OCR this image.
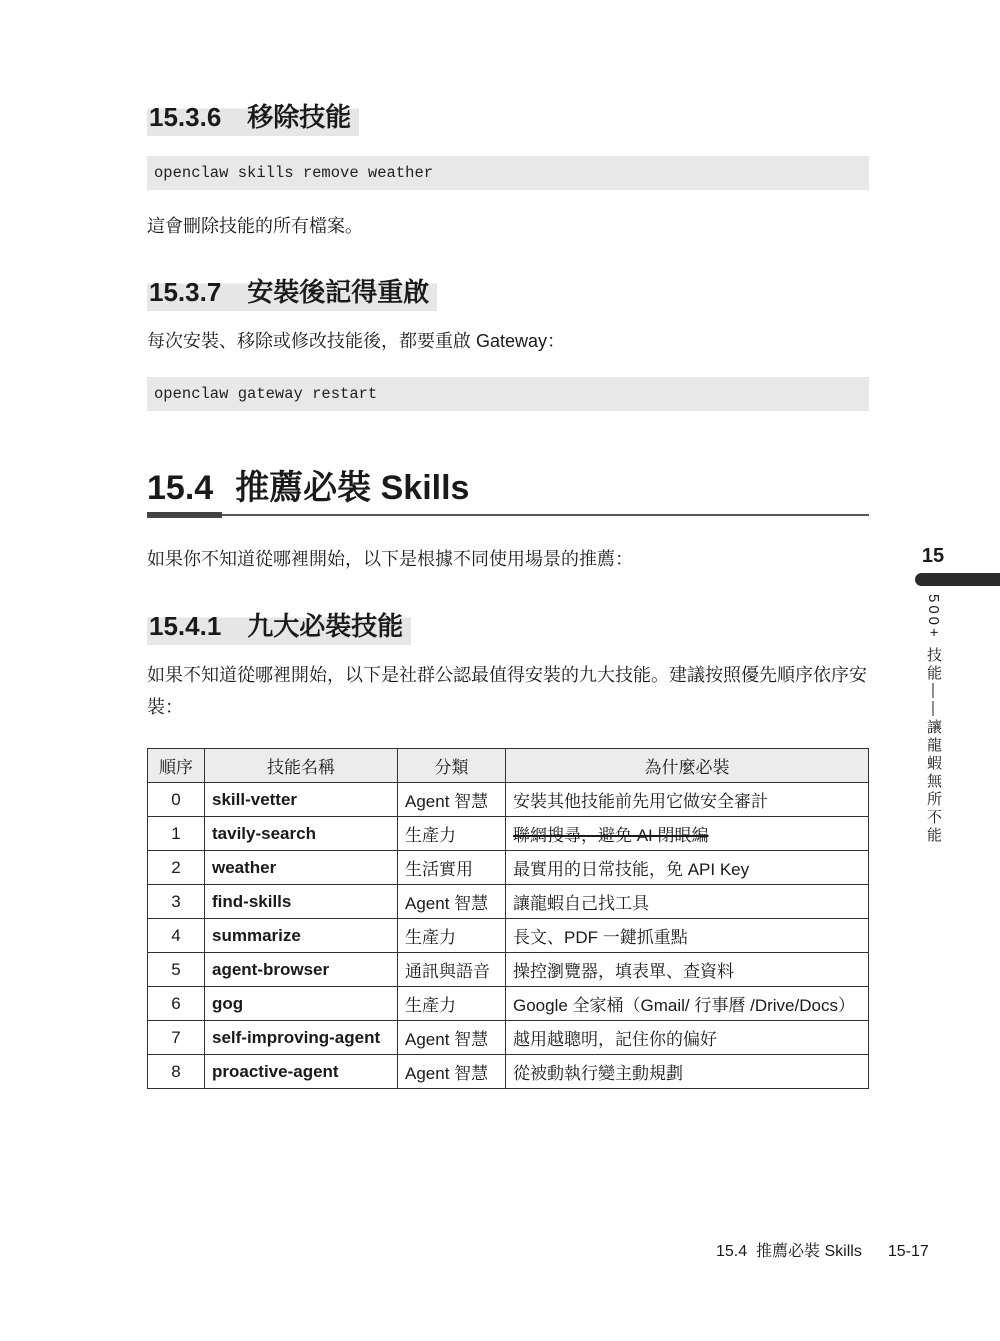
15.3.6 移除技能
openclaw skills remove weather
這會刪除技能的所有檔案。
15.3.7 安裝後記得重啟
每次安裝、移除或修改技能後，都要重啟 Gateway：
openclaw gateway restart
15.4 推薦必裝 Skills
如果你不知道從哪裡開始，以下是根據不同使用場景的推薦：
15.4.1 九大必裝技能
如果不知道從哪裡開始，以下是社群公認最值得安裝的九大技能。建議按照優先順序依序安裝：
順序	技能名稱	分類	為什麼必裝
0	skill-vetter	Agent 智慧	安裝其他技能前先用它做安全審計
1	tavily-search	生產力	聯網搜尋，避免 AI 閉眼編
2	weather	生活實用	最實用的日常技能，免 API Key
3	find-skills	Agent 智慧	讓龍蝦自己找工具
4	summarize	生產力	長文、PDF 一鍵抓重點
5	agent-browser	通訊與語音	操控瀏覽器，填表單、查資料
6	gog	生產力	Google 全家桶（Gmail/ 行事曆 /Drive/Docs）
7	self-improving-agent	Agent 智慧	越用越聰明，記住你的偏好
8	proactive-agent	Agent 智慧	從被動執行變主動規劃
15
500+ 技能——讓龍蝦無所不能
15.4  推薦必裝 Skills 15-17
